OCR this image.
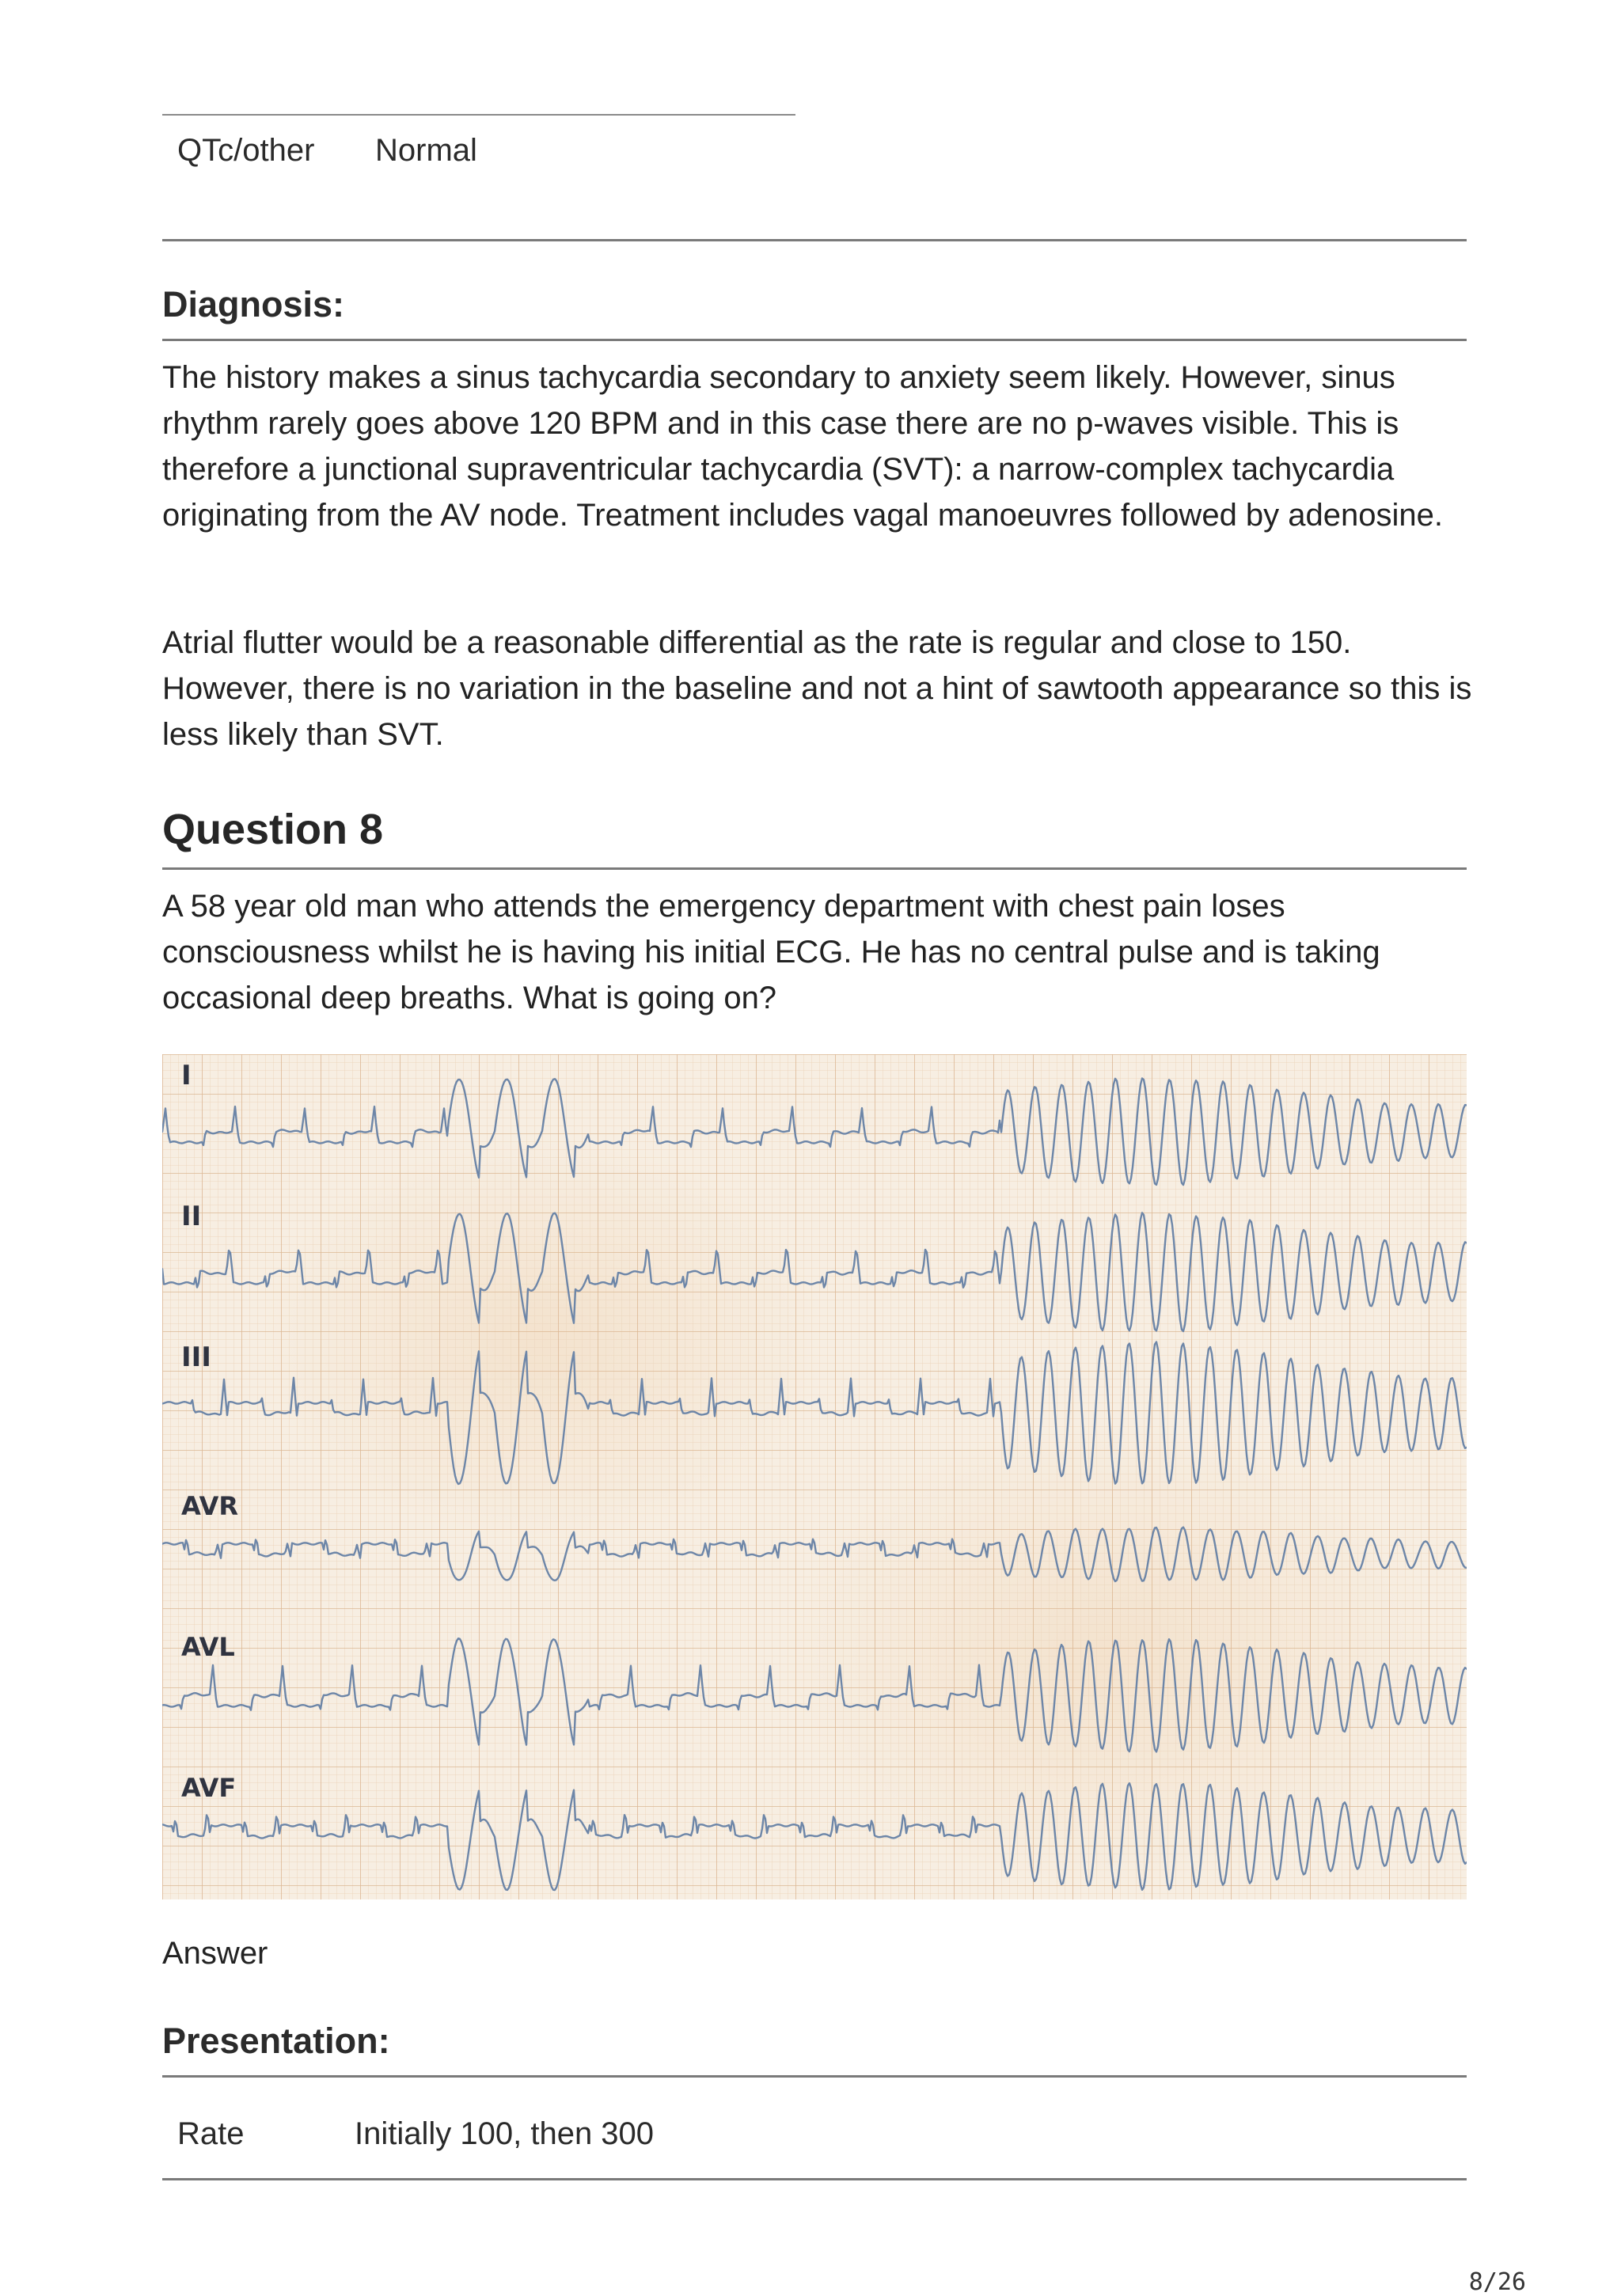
QTc/other Normal
Diagnosis:

The history makes a sinus tachycardia secondary to anxiety seem likely. However, sinus rhythm rarely goes above 120 BPM and in this case there are no p-waves visible. This is therefore a junctional supraventricular tachycardia (SVT): a narrow-complex tachycardia originating from the AV node. Treatment includes vagal manoeuvres followed by adenosine.

Atrial flutter would be a reasonable differential as the rate is regular and close to 150. However, there is no variation in the baseline and not a hint of sawtooth appearance so this is less likely than SVT.

Question 8

A 58 year old man who attends the emergency department with chest pain loses consciousness whilst he is having his initial ECG. He has no central pulse and is taking occasional deep breaths. What is going on?

I
II
III
AVR
AVL
AVF
Answer
Presentation:
Rate	Initially 100, then 300
8/26
